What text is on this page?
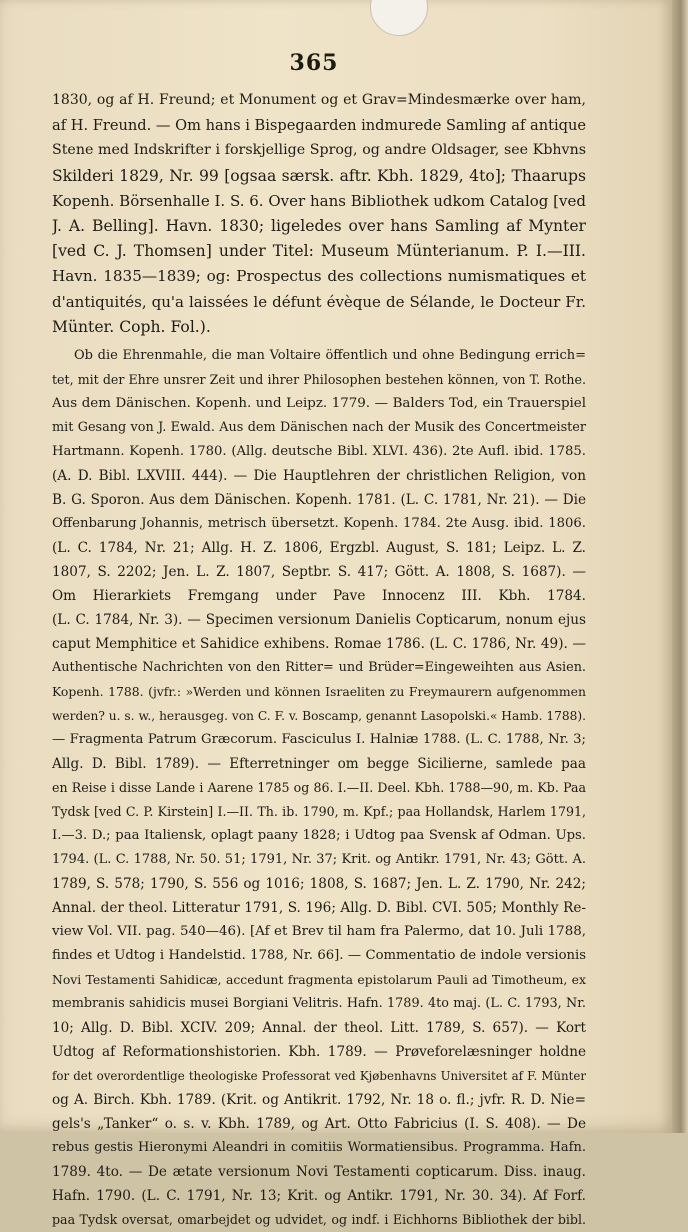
365
1830, og af H. Freund; et Monument og et Grav=Mindesmærke over ham,
af H. Freund. — Om hans i Bispegaarden indmurede Samling af antique
Stene med Indskrifter i forskjellige Sprog, og andre Oldsager, see Kbhvns
Skilderi 1829, Nr. 99 [ogsaa særsk. aftr. Kbh. 1829, 4to]; Thaarups
Kopenh. Börsenhalle I. S. 6. Over hans Bibliothek udkom Catalog [ved
J. A. Belling]. Havn. 1830; ligeledes over hans Samling af Mynter
[ved C. J. Thomsen] under Titel: Museum Münterianum. P. I.—III.
Havn. 1835—1839; og: Prospectus des collections numismatiques et
d'antiquités, qu'a laissées le défunt évèque de Sélande, le Docteur Fr.
Münter. Coph. Fol.).
Ob die Ehrenmahle, die man Voltaire öffentlich und ohne Bedingung errich=
tet, mit der Ehre unsrer Zeit und ihrer Philosophen bestehen können, von T. Rothe.
Aus dem Dänischen. Kopenh. und Leipz. 1779. — Balders Tod, ein Trauerspiel
mit Gesang von J. Ewald. Aus dem Dänischen nach der Musik des Concertmeister
Hartmann. Kopenh. 1780. (Allg. deutsche Bibl. XLVI. 436). 2te Aufl. ibid. 1785.
(A. D. Bibl. LXVIII. 444). — Die Hauptlehren der christlichen Religion, von
B. G. Sporon. Aus dem Dänischen. Kopenh. 1781. (L. C. 1781, Nr. 21). — Die
Offenbarung Johannis, metrisch übersetzt. Kopenh. 1784. 2te Ausg. ibid. 1806.
(L. C. 1784, Nr. 21; Allg. H. Z. 1806, Ergzbl. August, S. 181; Leipz. L. Z.
1807, S. 2202; Jen. L. Z. 1807, Septbr. S. 417; Gött. A. 1808, S. 1687). —
Om Hierarkiets Fremgang under Pave Innocenz III. Kbh. 1784.
(L. C. 1784, Nr. 3). — Specimen versionum Danielis Copticarum, nonum ejus
caput Memphitice et Sahidice exhibens. Romae 1786. (L. C. 1786, Nr. 49). —
Authentische Nachrichten von den Ritter= und Brüder=Eingeweihten aus Asien.
Kopenh. 1788. (jvfr.: »Werden und können Israeliten zu Freymaurern aufgenommen
werden? u. s. w., herausgeg. von C. F. v. Boscamp, genannt Lasopolski.« Hamb. 1788).
— Fragmenta Patrum Græcorum. Fasciculus I. Halniæ 1788. (L. C. 1788, Nr. 3;
Allg. D. Bibl. 1789). — Efterretninger om begge Sicilierne, samlede paa
en Reise i disse Lande i Aarene 1785 og 86. I.—II. Deel. Kbh. 1788—90, m. Kb. Paa
Tydsk [ved C. P. Kirstein] I.—II. Th. ib. 1790, m. Kpf.; paa Hollandsk, Harlem 1791,
I.—3. D.; paa Italiensk, oplagt paany 1828; i Udtog paa Svensk af Odman. Ups.
1794. (L. C. 1788, Nr. 50. 51; 1791, Nr. 37; Krit. og Antikr. 1791, Nr. 43; Gött. A.
1789, S. 578; 1790, S. 556 og 1016; 1808, S. 1687; Jen. L. Z. 1790, Nr. 242;
Annal. der theol. Litteratur 1791, S. 196; Allg. D. Bibl. CVI. 505; Monthly Re-
view Vol. VII. pag. 540—46). [Af et Brev til ham fra Palermo, dat 10. Juli 1788,
findes et Udtog i Handelstid. 1788, Nr. 66]. — Commentatio de indole versionis
Novi Testamenti Sahidicæ, accedunt fragmenta epistolarum Pauli ad Timotheum, ex
membranis sahidicis musei Borgiani Velitris. Hafn. 1789. 4to maj. (L. C. 1793, Nr.
10; Allg. D. Bibl. XCIV. 209; Annal. der theol. Litt. 1789, S. 657). — Kort
Udtog af Reformationshistorien. Kbh. 1789. — Prøveforelæsninger holdne
for det overordentlige theologiske Professorat ved Kjøbenhavns Universitet af F. Münter
og A. Birch. Kbh. 1789. (Krit. og Antikrit. 1792, Nr. 18 o. fl.; jvfr. R. D. Nie=
gels's „Tanker“ o. s. v. Kbh. 1789, og Art. Otto Fabricius (I. S. 408). — De
rebus gestis Hieronymi Aleandri in comitiis Wormatiensibus. Programma. Hafn.
1789. 4to. — De ætate versionum Novi Testamenti copticarum. Diss. inaug.
Hafn. 1790. (L. C. 1791, Nr. 13; Krit. og Antikr. 1791, Nr. 30. 34). Af Forf.
paa Tydsk oversat, omarbejdet og udvidet, og indf. i Eichhorns Bibliothek der bibl.
